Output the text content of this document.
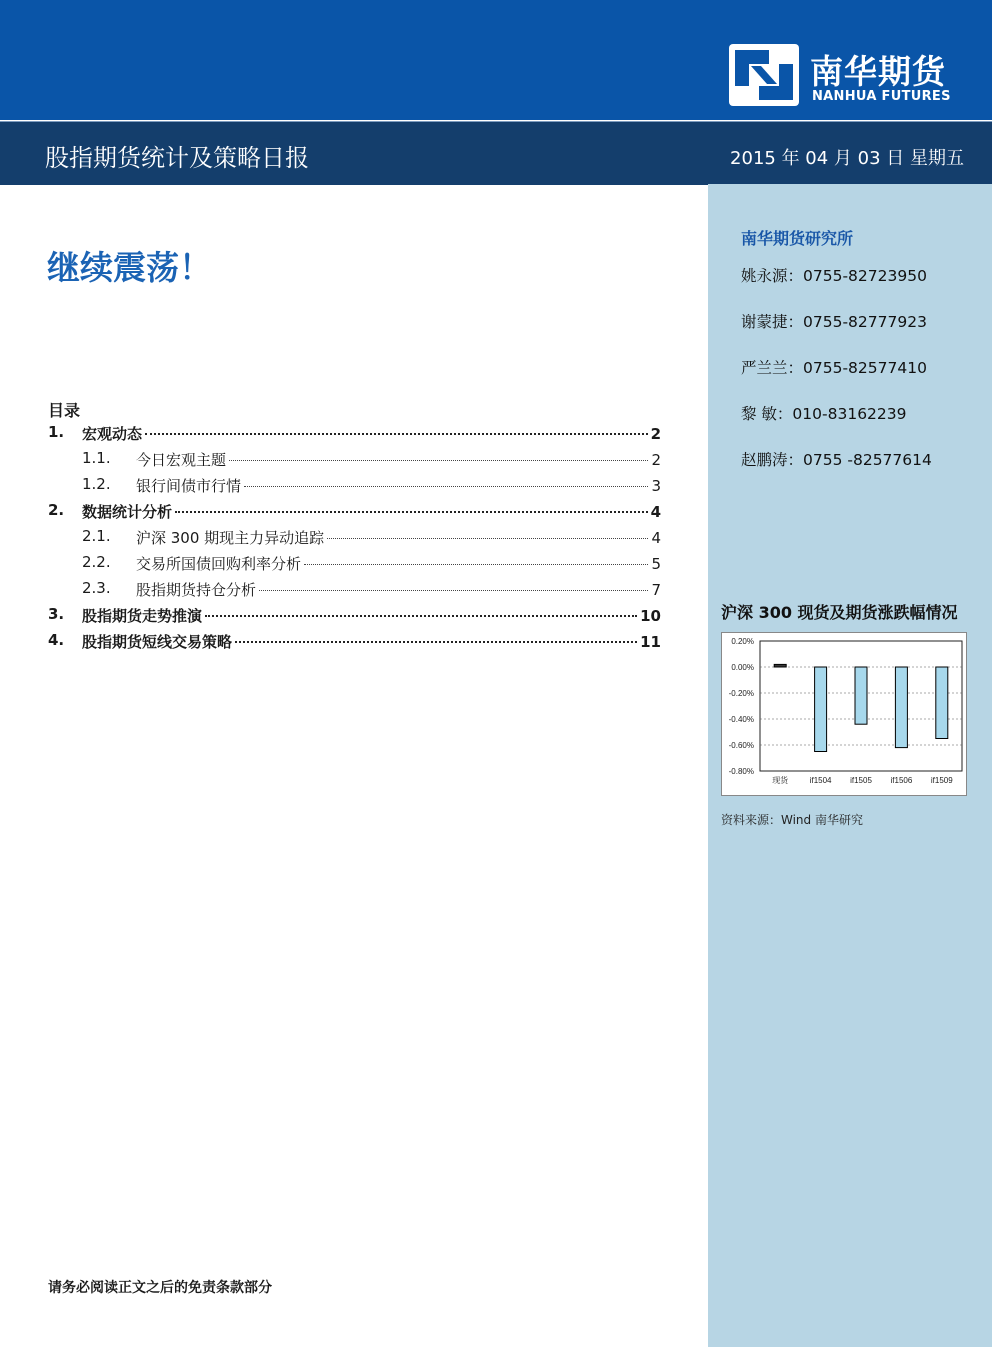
南华期货
NANHUA FUTURES
股指期货统计及策略日报	2015 年 04 月 03 日 星期五
继续震荡！
目录
1. 宏观动态	2
1.1. 今日宏观主题	2
1.2. 银行间债市行情	3
2. 数据统计分析	4
2.1. 沪深 300 期现主力异动追踪	4
2.2. 交易所国债回购利率分析	5
2.3. 股指期货持仓分析	7
3. 股指期货走势推演	10
4. 股指期货短线交易策略	11
南华期货研究所
姚永源：0755-82723950
谢蒙捷：0755-82777923
严兰兰：0755-82577410
黎 敏：010-83162239
赵鹏涛：0755 -82577614
沪深 300 现货及期货涨跌幅情况
0.20%
0.00%
-0.20%
-0.40%
-0.60%
-0.80%
现货	if1504 if1505 if1506 if1509
资料来源：Wind 南华研究
请务必阅读正文之后的免责条款部分
